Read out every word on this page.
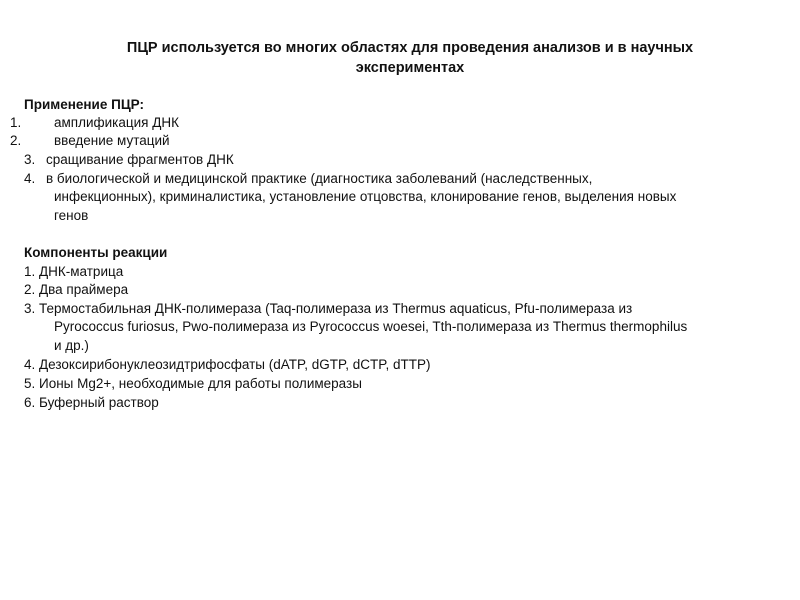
ПЦР используется во многих областях для проведения анализов и в научных
экспериментах
Применение ПЦР:
1. амплификация ДНК
2. введение мутаций
3. сращивание фрагментов ДНК
4. в биологической и медицинской практике (диагностика заболеваний (наследственных,
инфекционных), криминалистика, установление отцовства, клонирование генов, выделения новых
генов
Компоненты реакции
1. ДНК-матрица
2. Два праймера
3. Термостабильная ДНК-полимераза (Taq-полимераза из Thermus aquaticus, Pfu-полимераза из
Pyrococcus furiosus, Pwo-полимераза из Pyrococcus woesei, Tth-полимераза из Thermus thermophilus
и др.)
4. Дезоксирибонуклеозидтрифосфаты (dATP, dGTP, dCTP, dTTP)
5. Ионы Mg2+, необходимые для работы полимеразы
6. Буферный раствор
